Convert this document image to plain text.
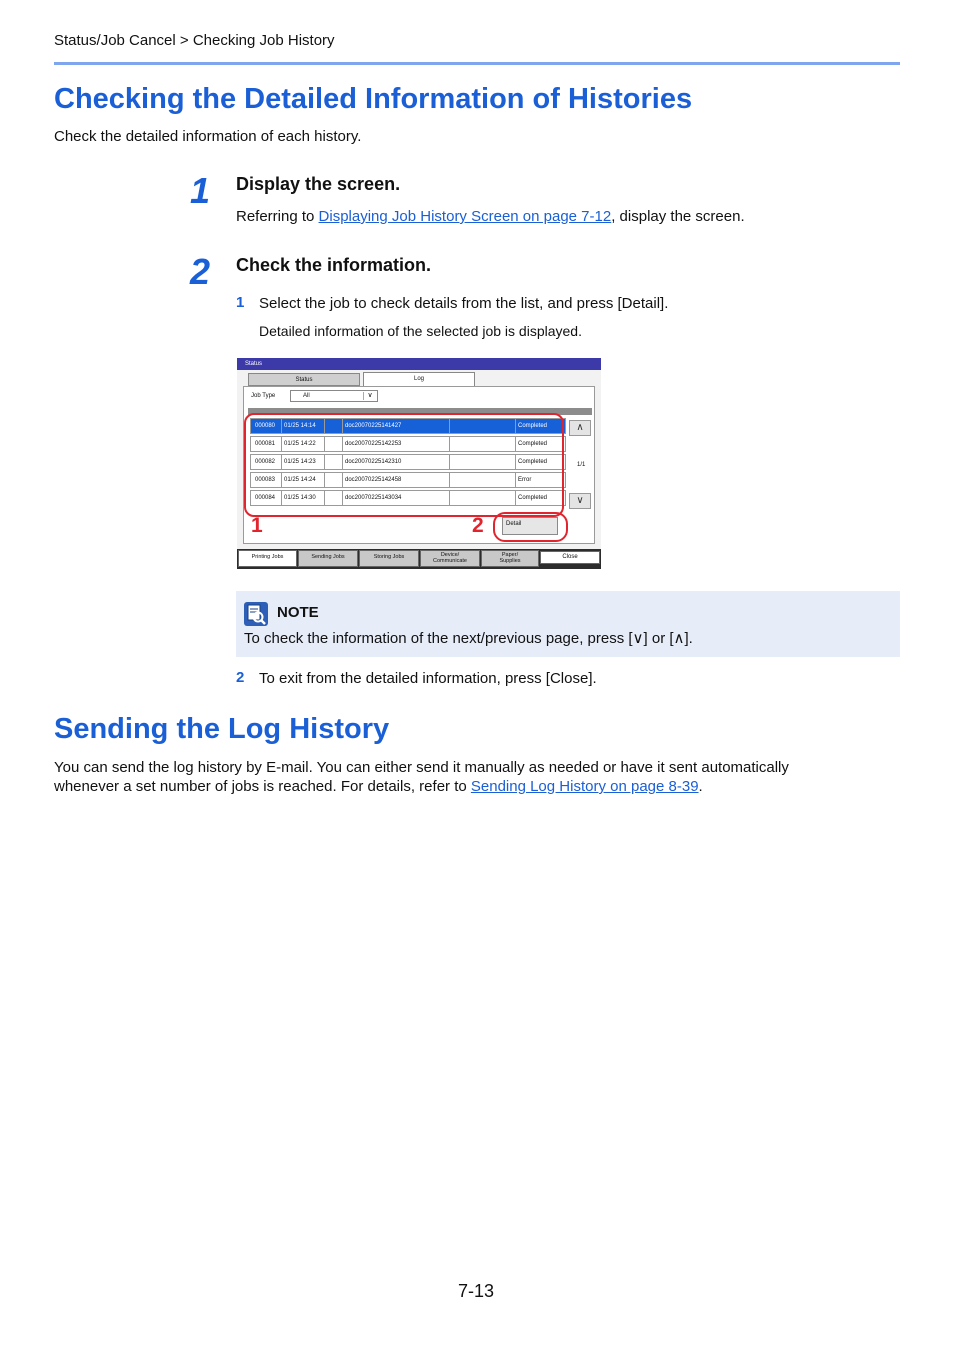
Status/Job Cancel > Checking Job History
Checking the Detailed Information of Histories
Check the detailed information of each history.
1 Display the screen.
Referring to Displaying Job History Screen on page 7-12, display the screen.
2 Check the information.
1 Select the job to check details from the list, and press [Detail].
Detailed information of the selected job is displayed.
Status
Status	Log
Job Type	All	∨
000080	01/25 14:14	doc20070225141427	Completed
000081	01/25 14:22	doc20070225142253	Completed
000082	01/25 14:23	doc20070225142310	Completed
000083	01/25 14:24	doc20070225142458	Error
000084	01/25 14:30	doc20070225143034	Completed
∧
∨
1/1
Detail
Printing Jobs	Sending Jobs	Storing Jobs	Device/
Communicate
Paper/
Supplies
Close
1	2
NOTE
To check the information of the next/previous page, press [∨] or [∧].
2 To exit from the detailed information, press [Close].
Sending the Log History
You can send the log history by E-mail. You can either send it manually as needed or have it sent automatically
whenever a set number of jobs is reached. For details, refer to Sending Log History on page 8-39.
7-13
